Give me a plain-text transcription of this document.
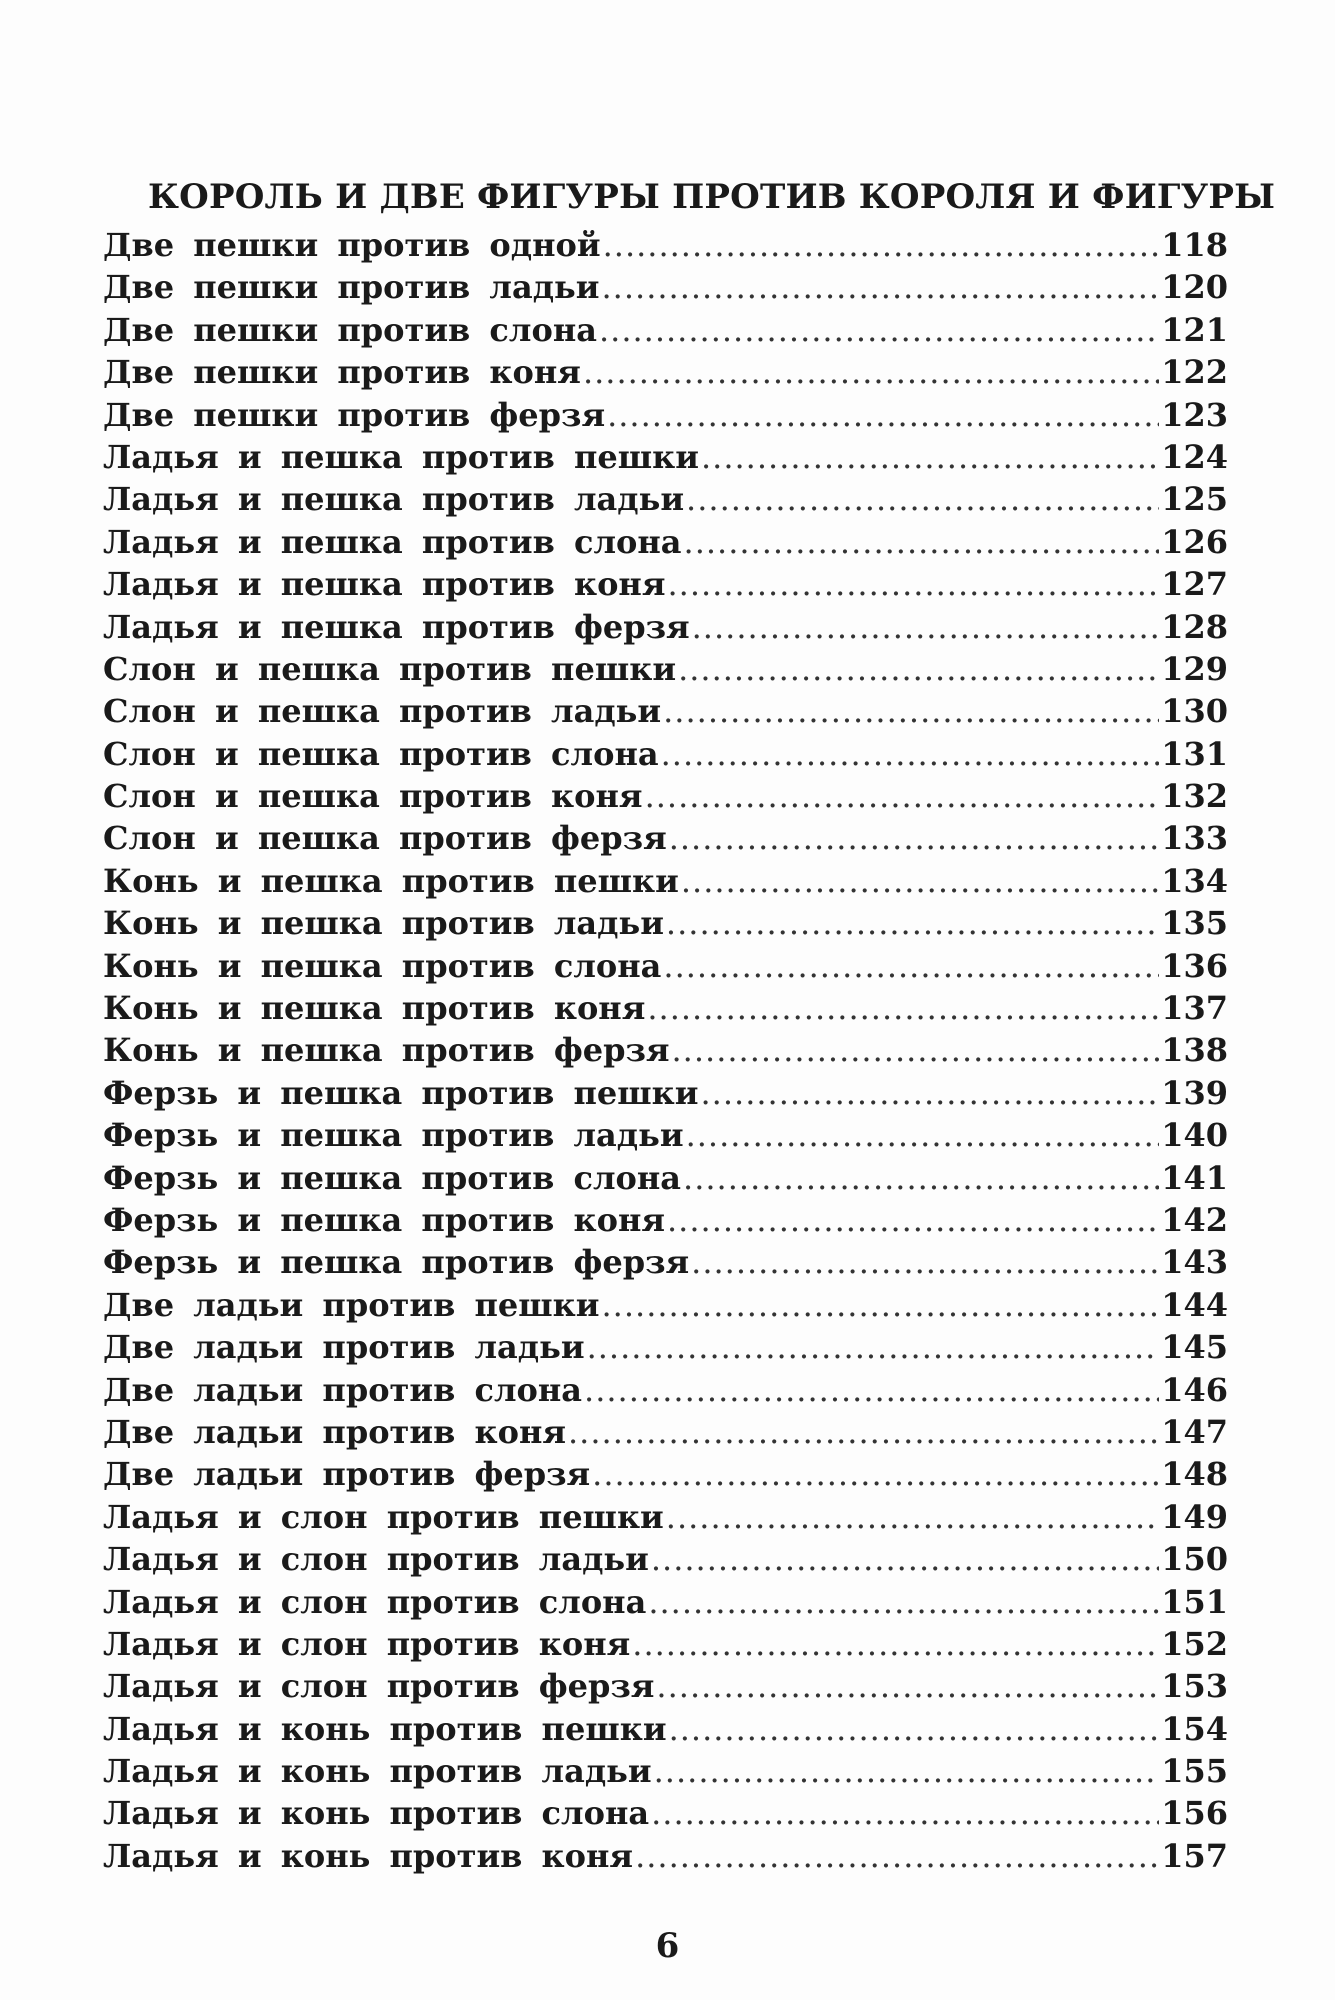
КОРОЛЬ И ДВЕ ФИГУРЫ ПРОТИВ КОРОЛЯ И ФИГУРЫ
Две пешки против одной .....	118
Две пешки против ладьи .....	120
Две пешки против слона .....	121
Две пешки против коня .....	122
Две пешки против ферзя .....	123
Ладья и пешка против пешки .....	124
Ладья и пешка против ладьи .....	125
Ладья и пешка против слона .....	126
Ладья и пешка против коня .....	127
Ладья и пешка против ферзя .....	128
Слон и пешка против пешки .....	129
Слон и пешка против ладьи .....	130
Слон и пешка против слона .....	131
Слон и пешка против коня .....	132
Слон и пешка против ферзя .....	133
Конь и пешка против пешки .....	134
Конь и пешка против ладьи .....	135
Конь и пешка против слона .....	136
Конь и пешка против коня .....	137
Конь и пешка против ферзя .....	138
Ферзь и пешка против пешки .....	139
Ферзь и пешка против ладьи .....	140
Ферзь и пешка против слона .....	141
Ферзь и пешка против коня .....	142
Ферзь и пешка против ферзя .....	143
Две ладьи против пешки .....	144
Две ладьи против ладьи .....	145
Две ладьи против слона .....	146
Две ладьи против коня .....	147
Две ладьи против ферзя .....	148
Ладья и слон против пешки .....	149
Ладья и слон против ладьи .....	150
Ладья и слон против слона .....	151
Ладья и слон против коня .....	152
Ладья и слон против ферзя .....	153
Ладья и конь против пешки .....	154
Ладья и конь против ладьи .....	155
Ладья и конь против слона .....	156
Ладья и конь против коня .....	157
6
